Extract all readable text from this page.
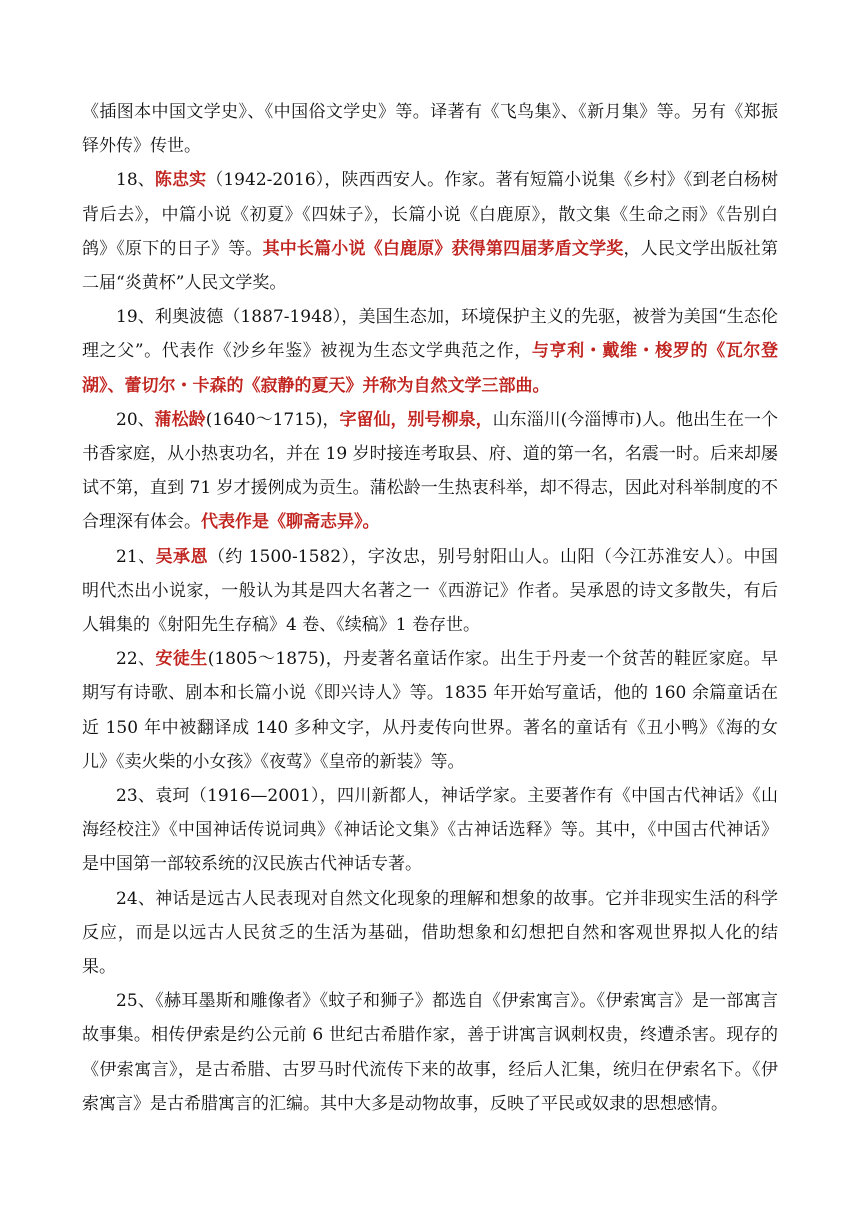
《插图本中国文学史》、《中国俗文学史》等。译著有《飞鸟集》、《新月集》等。另有《郑振铎外传》传世。

18、陈忠实（1942-2016），陕西西安人。作家。著有短篇小说集《乡村》《到老白杨树背后去》，中篇小说《初夏》《四妹子》，长篇小说《白鹿原》，散文集《生命之雨》《告别白鸽》《原下的日子》等。其中长篇小说《白鹿原》获得第四届茅盾文学奖，人民文学出版社第二届“炎黄杯”人民文学奖。

19、利奥波德（1887-1948），美国生态加，环境保护主义的先驱，被誉为美国“生态伦理之父”。代表作《沙乡年鉴》被视为生态文学典范之作，与亨利・戴维・梭罗的《瓦尔登湖》、蕾切尔・卡森的《寂静的夏天》并称为自然文学三部曲。

20、蒲松龄(1640～1715)，字留仙，别号柳泉，山东淄川(今淄博市)人。他出生在一个书香家庭，从小热衷功名，并在 19 岁时接连考取县、府、道的第一名，名震一时。后来却屡试不第，直到 71 岁才援例成为贡生。蒲松龄一生热衷科举，却不得志，因此对科举制度的不合理深有体会。代表作是《聊斋志异》。

21、吴承恩（约 1500-1582），字汝忠，别号射阳山人。山阳（今江苏淮安人）。中国明代杰出小说家，一般认为其是四大名著之一《西游记》作者。吴承恩的诗文多散失，有后人辑集的《射阳先生存稿》4 卷、《续稿》1 卷存世。

22、安徒生(1805～1875)，丹麦著名童话作家。出生于丹麦一个贫苦的鞋匠家庭。早期写有诗歌、剧本和长篇小说《即兴诗人》等。1835 年开始写童话，他的 160 余篇童话在近 150 年中被翻译成 140 多种文字，从丹麦传向世界。著名的童话有《丑小鸭》《海的女儿》《卖火柴的小女孩》《夜莺》《皇帝的新装》等。

23、袁珂（1916—2001），四川新都人，神话学家。主要著作有《中国古代神话》《山海经校注》《中国神话传说词典》《神话论文集》《古神话选释》等。其中，《中国古代神话》是中国第一部较系统的汉民族古代神话专著。

24、神话是远古人民表现对自然文化现象的理解和想象的故事。它并非现实生活的科学反应，而是以远古人民贫乏的生活为基础，借助想象和幻想把自然和客观世界拟人化的结果。

25、《赫耳墨斯和雕像者》《蚊子和狮子》都选自《伊索寓言》。《伊索寓言》是一部寓言故事集。相传伊索是约公元前 6 世纪古希腊作家，善于讲寓言讽刺权贵，终遭杀害。现存的《伊索寓言》，是古希腊、古罗马时代流传下来的故事，经后人汇集，统归在伊索名下。《伊索寓言》是古希腊寓言的汇编。其中大多是动物故事，反映了平民或奴隶的思想感情。
